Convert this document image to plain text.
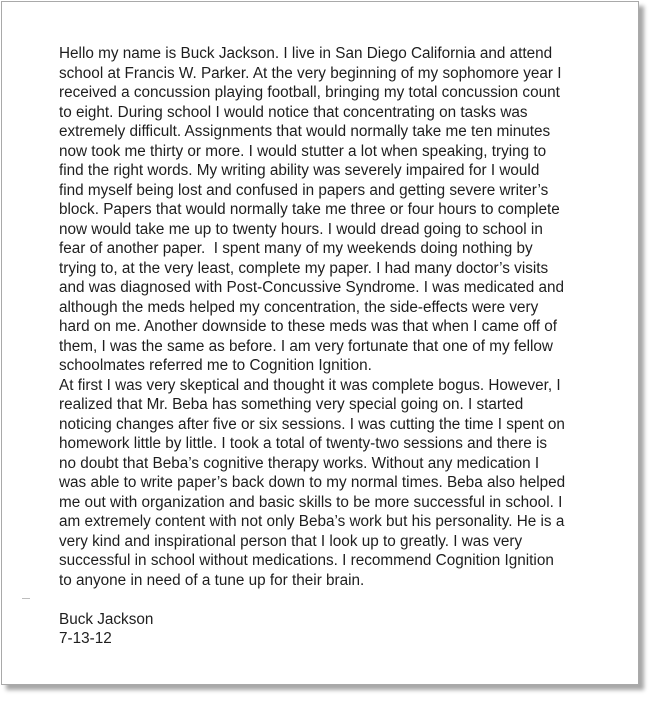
Hello my name is Buck Jackson. I live in San Diego California and attend
school at Francis W. Parker. At the very beginning of my sophomore year I
received a concussion playing football, bringing my total concussion count
to eight. During school I would notice that concentrating on tasks was
extremely difficult. Assignments that would normally take me ten minutes
now took me thirty or more. I would stutter a lot when speaking, trying to
find the right words. My writing ability was severely impaired for I would
find myself being lost and confused in papers and getting severe writer’s
block. Papers that would normally take me three or four hours to complete
now would take me up to twenty hours. I would dread going to school in
fear of another paper.  I spent many of my weekends doing nothing by
trying to, at the very least, complete my paper. I had many doctor’s visits
and was diagnosed with Post-Concussive Syndrome. I was medicated and
although the meds helped my concentration, the side-effects were very
hard on me. Another downside to these meds was that when I came off of
them, I was the same as before. I am very fortunate that one of my fellow
schoolmates referred me to Cognition Ignition.

At first I was very skeptical and thought it was complete bogus. However, I
realized that Mr. Beba has something very special going on. I started
noticing changes after five or six sessions. I was cutting the time I spent on
homework little by little. I took a total of twenty-two sessions and there is
no doubt that Beba’s cognitive therapy works. Without any medication I
was able to write paper’s back down to my normal times. Beba also helped
me out with organization and basic skills to be more successful in school. I
am extremely content with not only Beba’s work but his personality. He is a
very kind and inspirational person that I look up to greatly. I was very
successful in school without medications. I recommend Cognition Ignition
to anyone in need of a tune up for their brain.

Buck Jackson
7-13-12
